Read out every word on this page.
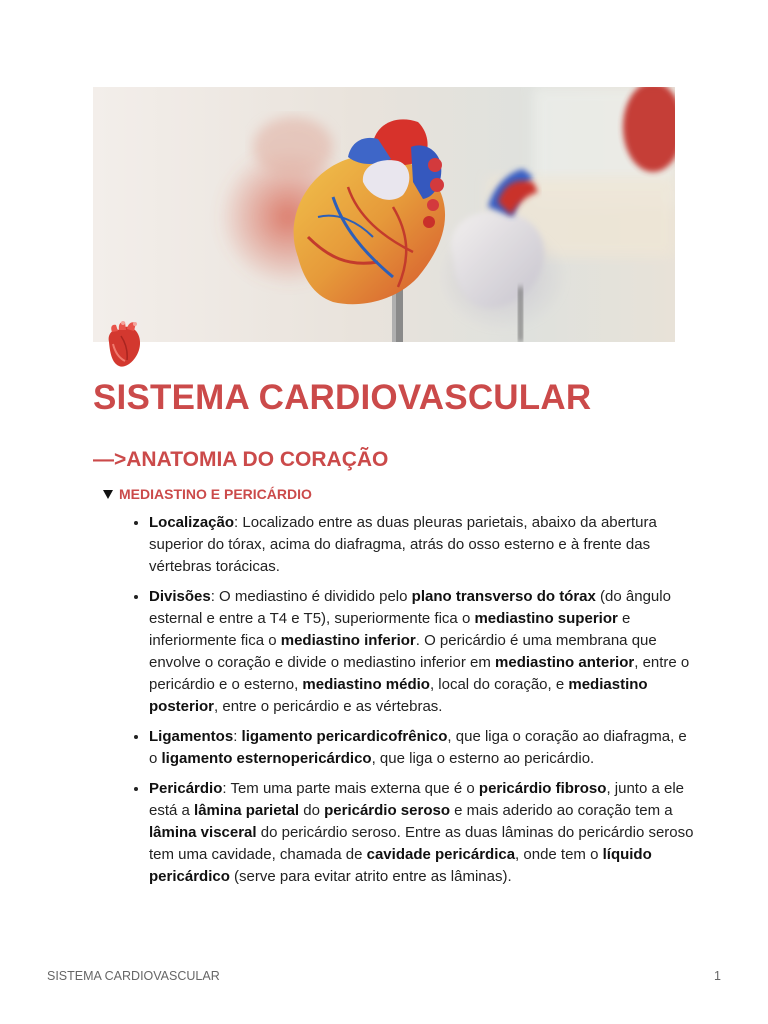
SISTEMA CARDIOVASCULAR
—>ANATOMIA DO CORAÇÃO
MEDIASTINO E PERICÁRDIO
• Localização: Localizado entre as duas pleuras parietais, abaixo da abertura superior do tórax, acima do diafragma, atrás do osso esterno e à frente das vértebras torácicas.
• Divisões: O mediastino é dividido pelo plano transverso do tórax (do ângulo esternal e entre a T4 e T5), superiormente fica o mediastino superior e inferiormente fica o mediastino inferior. O pericárdio é uma membrana que envolve o coração e divide o mediastino inferior em mediastino anterior, entre o pericárdio e o esterno, mediastino médio, local do coração, e mediastino posterior, entre o pericárdio e as vértebras.
• Ligamentos: ligamento pericardicofrênico, que liga o coração ao diafragma, e o ligamento esternopericárdico, que liga o esterno ao pericárdio.
• Pericárdio: Tem uma parte mais externa que é o pericárdio fibroso, junto a ele está a lâmina parietal do pericárdio seroso e mais aderido ao coração tem a lâmina visceral do pericárdio seroso. Entre as duas lâminas do pericárdio seroso tem uma cavidade, chamada de cavidade pericárdica, onde tem o líquido pericárdico (serve para evitar atrito entre as lâminas).
SISTEMA CARDIOVASCULAR	1
